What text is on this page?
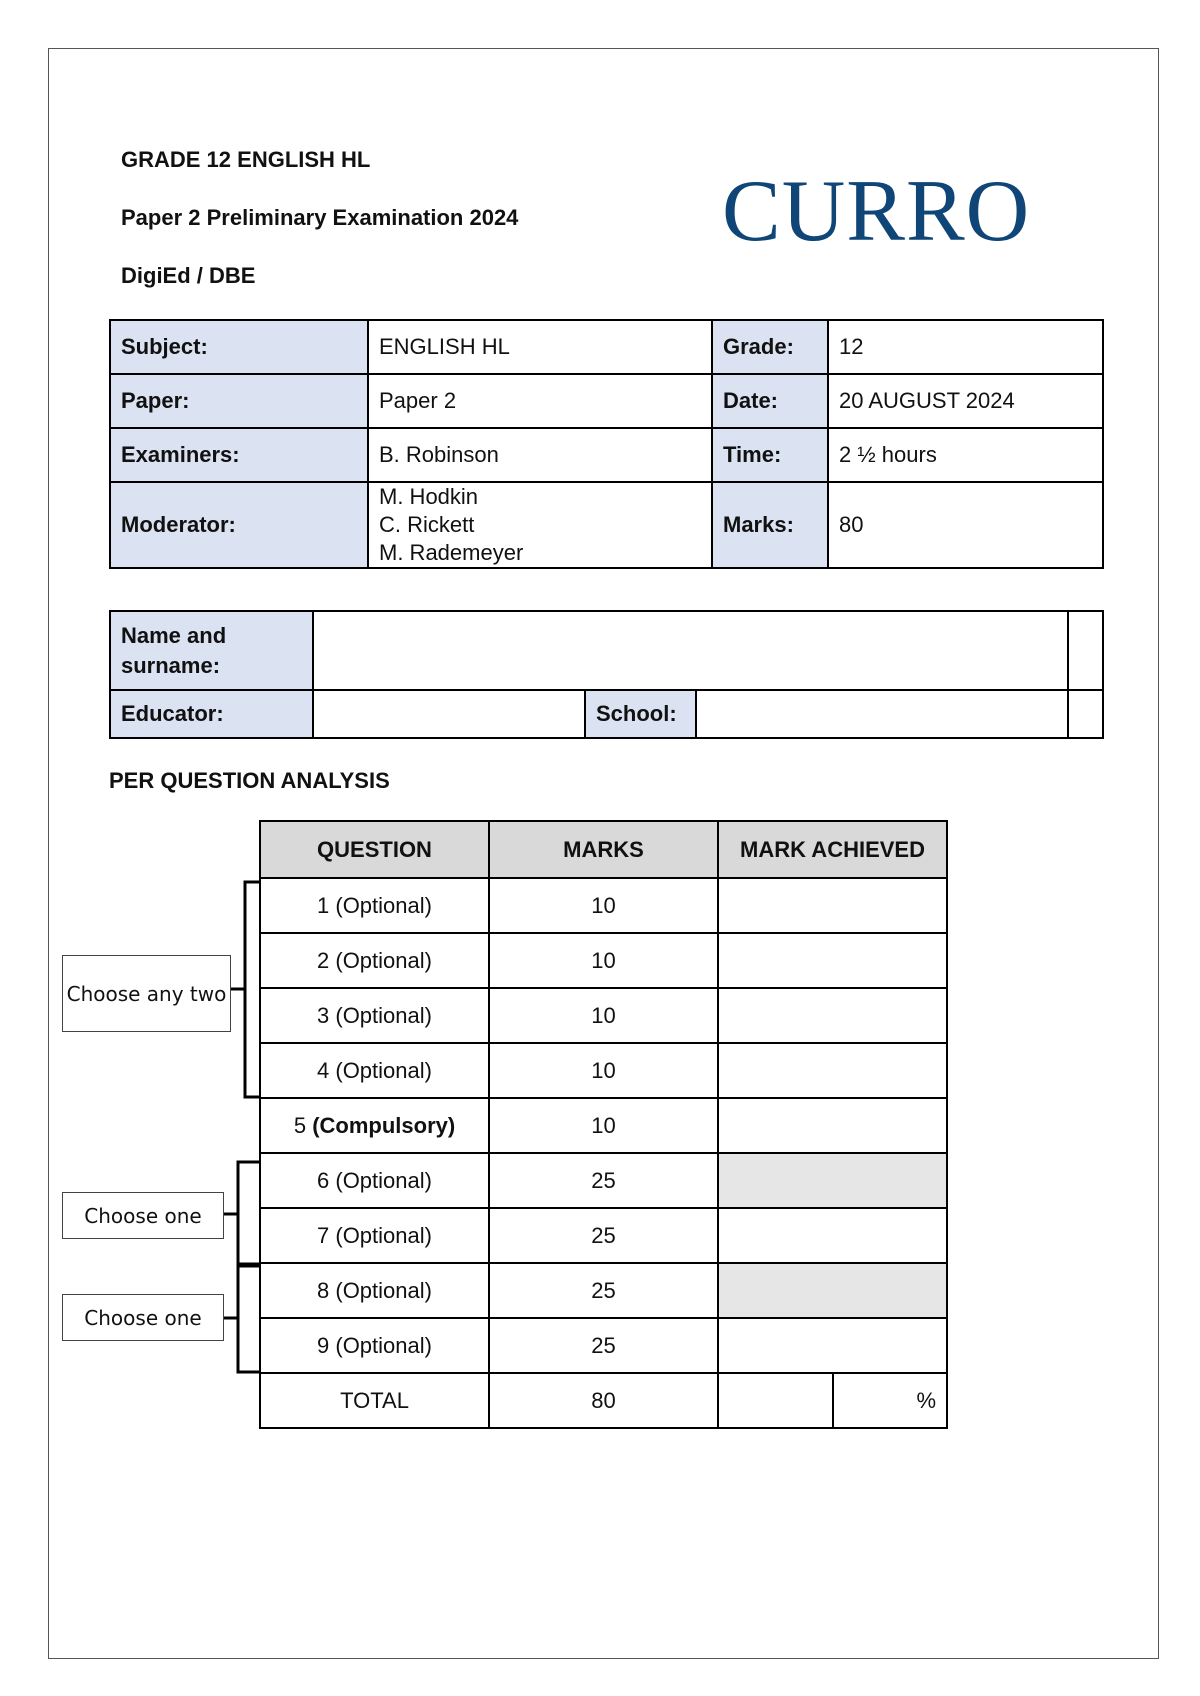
GRADE 12 ENGLISH HL
Paper 2 Preliminary Examination 2024
DigiEd / DBE
CURRO
Subject:	ENGLISH HL	Grade:	12
Paper:	Paper 2	Date:	20 AUGUST 2024
Examiners:	B. Robinson	Time:	2 ½ hours
Moderator:	M. Hodkin
C. Rickett
M. Rademeyer	Marks:	80
Name and surname:				
Educator:		School:		
PER QUESTION ANALYSIS
QUESTION	MARKS	MARK ACHIEVED	
1 (Optional)	10		
2 (Optional)	10		
3 (Optional)	10		
4 (Optional)	10		
5 (Compulsory)	10		
6 (Optional)	25		
7 (Optional)	25		
8 (Optional)	25		
9 (Optional)	25		
TOTAL	80		%
Choose any two
Choose one
Choose one
